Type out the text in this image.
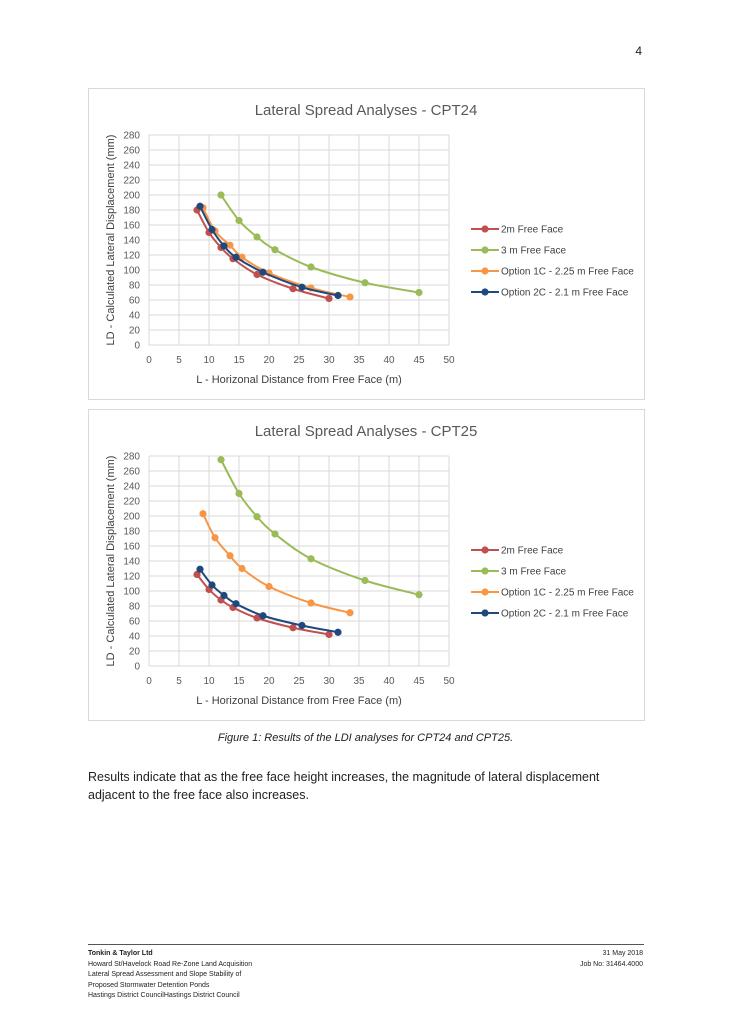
4
Lateral Spread Analyses - CPT24
0
20
40
60
80
100
120
140
160
180
200
220
240
260
280
0 5 10 15 20 25 30 35 40 45 50
L - Horizonal Distance from Free Face (m)
LD - Calculated Lateral Displacement (mm)	2m Free Face
3 m Free Face
Option 1C - 2.25 m Free Face
Option 2C - 2.1 m Free Face
Lateral Spread Analyses - CPT25
0
20
40
60
80
100
120
140
160
180
200
220
240
260
280
0 5 10 15 20 25 30 35 40 45 50
L - Horizonal Distance from Free Face (m)
LD - Calculated Lateral Displacement (mm)	2m Free Face
3 m Free Face
Option 1C - 2.25 m Free Face
Option 2C - 2.1 m Free Face
Figure 1: Results of the LDI analyses for CPT24 and CPT25.
Results indicate that as the free face height increases, the magnitude of lateral displacement adjacent to the free face also increases.
Tonkin & Taylor Ltd
Howard St/Havelock Road Re-Zone Land Acquisition
Lateral Spread Assessment and Slope Stability of
Proposed Stormwater Detention Ponds
Hastings District CouncilHastings District Council
31 May 2018
Job No: 31464.4000
